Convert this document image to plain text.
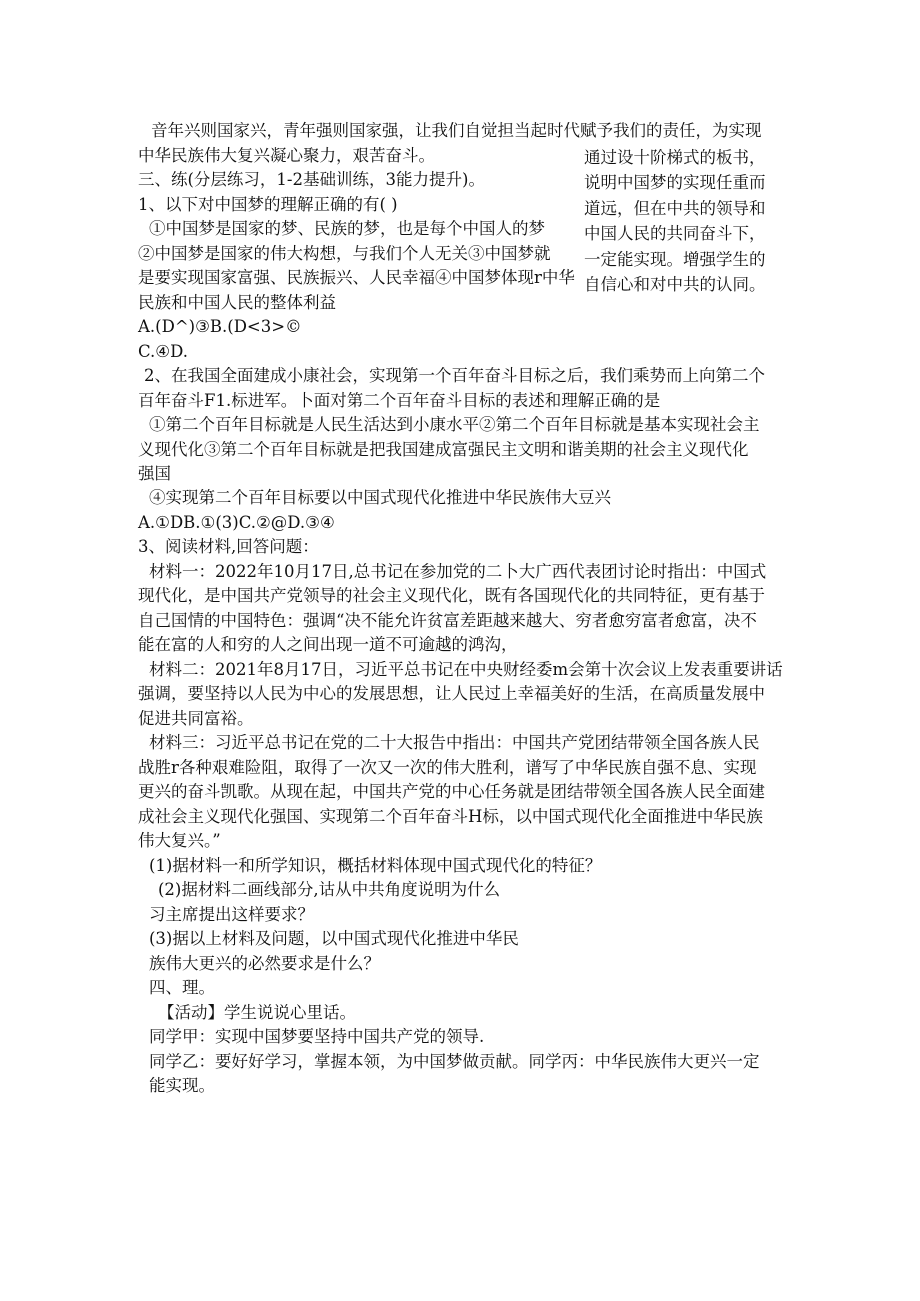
音年兴则国家兴，青年强则国家强，让我们自觉担当起时代赋予我们的责任，为实现
中华民族伟大复兴凝心聚力，艰苦奋斗。
三、练(分层练习，1-2基础训练，3能力提升)。
1、以下对中国梦的理解正确的有( )
①中国梦是国家的梦、民族的梦，也是每个中国人的梦
②中国梦是国家的伟大构想，与我们个人无关③中国梦就
是要实现国家富强、民族振兴、人民幸福④中国梦体现r中华
民族和中国人民的整体利益
A.(D^)③B.(D<3>©
C.④D.
2、在我国全面建成小康社会，实现第一个百年奋斗目标之后，我们乘势而上向第二个
百年奋斗F1.标进军。卜面对第二个百年奋斗目标的表述和理解正确的是
①第二个百年目标就是人民生活达到小康水平②第二个百年目标就是基本实现社会主
义现代化③第二个百年目标就是把我国建成富强民主文明和谐美期的社会主义现代化
强国
④实现第二个百年目标要以中国式现代化推进中华民族伟大豆兴
A.①DB.①(3)C.②@D.③④
3、阅读材料,回答问题：
材料一：2022年10月17日,总书记在参加党的二卜大广西代表团讨论时指出：中国式
现代化，是中国共产党领导的社会主义现代化，既有各国现代化的共同特征，更有基于
自己国情的中国特色：强调“决不能允许贫富差距越来越大、穷者愈穷富者愈富，决不
能在富的人和穷的人之间出现一道不可逾越的鸿沟，
材料二：2021年8月17日，习近平总书记在中央财经委m会第十次会议上发表重要讲话
强调，要坚持以人民为中心的发展思想，让人民过上幸福美好的生活，在高质量发展中
促进共同富裕。
材料三：习近平总书记在党的二十大报告中指出：中国共产党团结带领全国各族人民
战胜r各种艰难险阻，取得了一次又一次的伟大胜利，谱写了中华民族自强不息、实现
更兴的奋斗凯歌。从现在起，中国共产党的中心任务就是团结带领全国各族人民全面建
成社会主义现代化强国、实现第二个百年奋斗H标，以中国式现代化全面推进中华民族
伟大复兴。”
(1)据材料一和所学知识，概括材料体现中国式现代化的特征？
(2)据材料二画线部分,诂从中共角度说明为什么
习主席提出这样要求？
(3)据以上材料及问题，以中国式现代化推进中华民
族伟大更兴的必然要求是什么？
四、理。
【活动】学生说说心里话。
同学甲：实现中国梦要坚持中国共产党的领导.
同学乙：要好好学习，掌握本领，为中国梦做贡献。同学丙：中华民族伟大更兴一定
能实现。
通过设十阶梯式的板书，
说明中国梦的实现任重而
道远，但在中共的领导和
中国人民的共同奋斗下，
一定能实现。增强学生的
自信心和对中共的认同。
